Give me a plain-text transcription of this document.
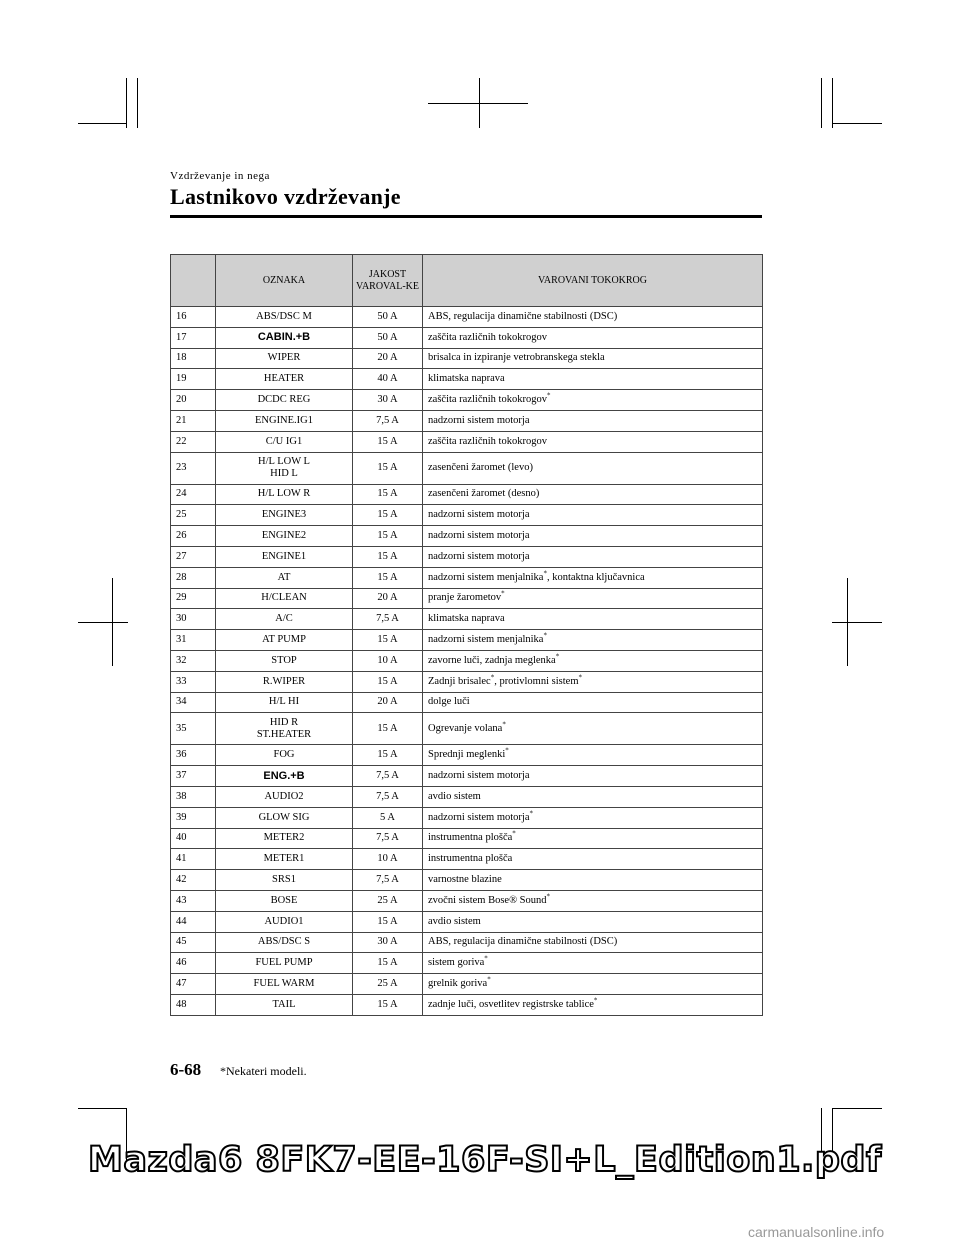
Vzdrževanje in nega
Lastnikovo vzdrževanje
	OZNAKA	JAKOST VAROVAL-KE	VAROVANI TOKOKROG
16	ABS/DSC M	50 A	ABS, regulacija dinamične stabilnosti (DSC)
17	CABIN.+B	50 A	zaščita različnih tokokrogov
18	WIPER	20 A	brisalca in izpiranje vetrobranskega stekla
19	HEATER	40 A	klimatska naprava
20	DCDC REG	30 A	zaščita različnih tokokrogov*
21	ENGINE.IG1	7,5 A	nadzorni sistem motorja
22	C/U IG1	15 A	zaščita različnih tokokrogov
23	H/L LOW L
HID L	15 A	zasenčeni žaromet (levo)
24	H/L LOW R	15 A	zasenčeni žaromet (desno)
25	ENGINE3	15 A	nadzorni sistem motorja
26	ENGINE2	15 A	nadzorni sistem motorja
27	ENGINE1	15 A	nadzorni sistem motorja
28	AT	15 A	nadzorni sistem menjalnika*, kontaktna ključavnica
29	H/CLEAN	20 A	pranje žarometov*
30	A/C	7,5 A	klimatska naprava
31	AT PUMP	15 A	nadzorni sistem menjalnika*
32	STOP	10 A	zavorne luči, zadnja meglenka*
33	R.WIPER	15 A	Zadnji brisalec*, protivlomni sistem*
34	H/L HI	20 A	dolge luči
35	HID R
ST.HEATER	15 A	Ogrevanje volana*
36	FOG	15 A	Sprednji meglenki*
37	ENG.+B	7,5 A	nadzorni sistem motorja
38	AUDIO2	7,5 A	avdio sistem
39	GLOW SIG	5 A	nadzorni sistem motorja*
40	METER2	7,5 A	instrumentna plošča*
41	METER1	10 A	instrumentna plošča
42	SRS1	7,5 A	varnostne blazine
43	BOSE	25 A	zvočni sistem Bose® Sound*
44	AUDIO1	15 A	avdio sistem
45	ABS/DSC S	30 A	ABS, regulacija dinamične stabilnosti (DSC)
46	FUEL PUMP	15 A	sistem goriva*
47	FUEL WARM	25 A	grelnik goriva*
48	TAIL	15 A	zadnje luči, osvetlitev registrske tablice*
6-68 *Nekateri modeli.
Mazda6 8FK7-EE-16F-SI+L_Edition1.pdf
carmanualsonline.info
